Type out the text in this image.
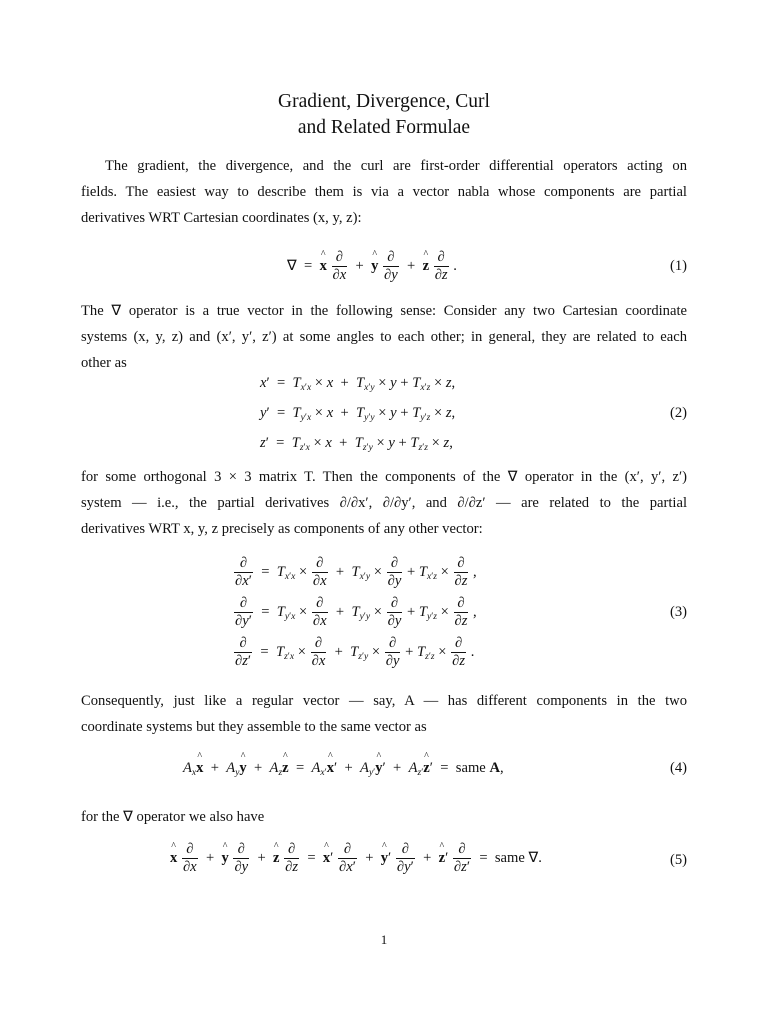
Gradient, Divergence, Curl
and Related Formulae
The gradient, the divergence, and the curl are first-order differential operators acting on
fields. The easiest way to describe them is via a vector nabla whose components are partial
derivatives WRT Cartesian coordinates (x, y, z):
∇  =  x ^ $\frac{\partial}{\partial x} + y$ ^ $\frac{\partial}{\partial y} + z$ ^ $\frac{\partial}{\partial z}$ .	(1)
The ∇ operator is a true vector in the following sense: Consider any two Cartesian coordinate
systems (x, y, z) and (x′, y′, z′) at some angles to each other; in general, they are related to each
other as
$x' = T_{x'x} \times x + T_{x'y} \times y + T_{x'z} \times z$,
$y' = T_{y'x} \times x + T_{y'y} \times y + T_{y'z} \times z$,
$z' = T_{z'x} \times x + T_{z'y} \times y + T_{z'z} \times z$,
(2)
for some orthogonal 3 × 3 matrix T. Then the components of the ∇ operator in the (x′, y′, z′)
system — i.e., the partial derivatives ∂/∂x′, ∂/∂y′, and ∂/∂z′ — are related to the partial
derivatives WRT x, y, z precisely as components of any other vector:
$\frac{\partial}{\partial x'} = T_{x'x} \times \frac{\partial}{\partial x} + T_{x'y} \times \frac{\partial}{\partial y} + T_{x'z} \times \frac{\partial}{\partial z}$ ,
$\frac{\partial}{\partial y'} = T_{y'x} \times \frac{\partial}{\partial x} + T_{y'y} \times \frac{\partial}{\partial y} + T_{y'z} \times \frac{\partial}{\partial z}$ ,
$\frac{\partial}{\partial z'} = T_{z'x} \times \frac{\partial}{\partial x} + T_{z'y} \times \frac{\partial}{\partial y} + T_{z'z} \times \frac{\partial}{\partial z}$ .
(3)
Consequently, just like a regular vector — say, A — has different components in the two
coordinate systems but they assemble to the same vector as
$A_xx$ ^  +  $A_yy$ ^  +  $A_zz$ ^  =  $A_{x'}x$ ^′  +  $A_{y'}y$ ^′  +  $A_{z'}z$ ^′  =  same A,	(4)
for the ∇ operator we also have
x ^ $\frac{\partial}{\partial x} + y$ ^ $\frac{\partial}{\partial y} + z$ ^ $\frac{\partial}{\partial z} = x$ ^′ $\frac{\partial}{\partial x'} + y$ ^′ $\frac{\partial}{\partial y'} + z$ ^′ $\frac{\partial}{\partial z'}$ =  same ∇.	(5)
1
